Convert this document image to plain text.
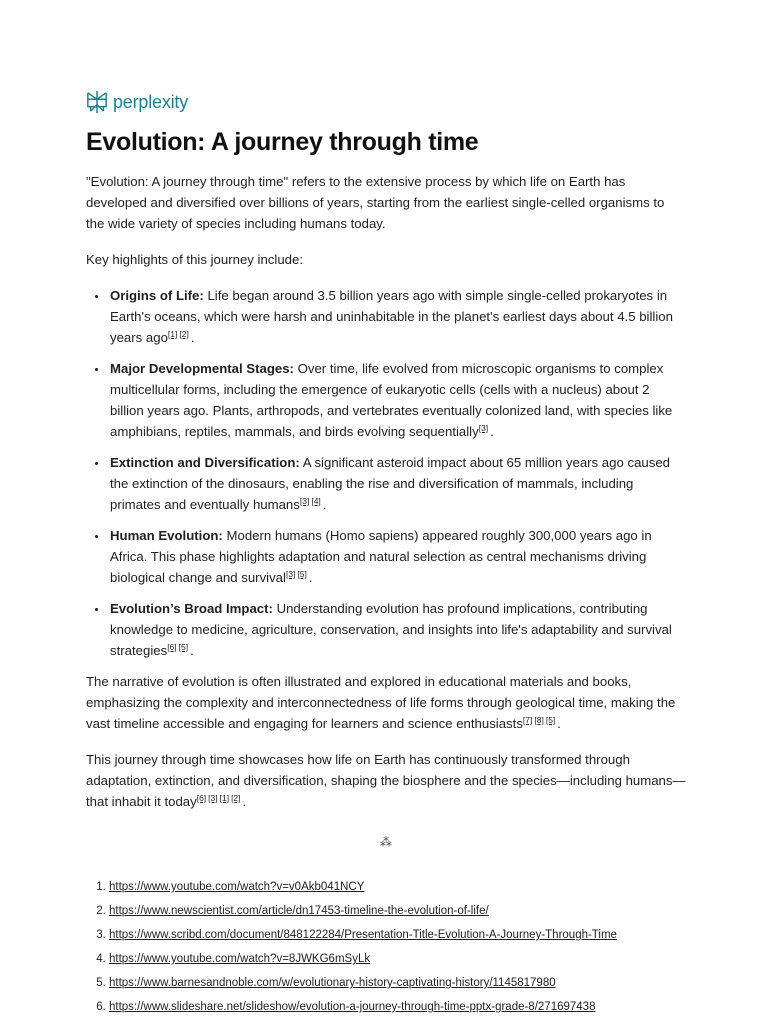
perplexity
Evolution: A journey through time

"Evolution: A journey through time" refers to the extensive process by which life on Earth has developed and diversified over billions of years, starting from the earliest single-celled organisms to the wide variety of species including humans today.

Key highlights of this journey include:

• Origins of Life: Life began around 3.5 billion years ago with simple single-celled prokaryotes in Earth's oceans, which were harsh and uninhabitable in the planet's earliest days about 4.5 billion years ago[1] [2] .
• Major Developmental Stages: Over time, life evolved from microscopic organisms to complex multicellular forms, including the emergence of eukaryotic cells (cells with a nucleus) about 2 billion years ago. Plants, arthropods, and vertebrates eventually colonized land, with species like amphibians, reptiles, mammals, and birds evolving sequentially[3] .
• Extinction and Diversification: A significant asteroid impact about 65 million years ago caused the extinction of the dinosaurs, enabling the rise and diversification of mammals, including primates and eventually humans[3] [4] .
• Human Evolution: Modern humans (Homo sapiens) appeared roughly 300,000 years ago in Africa. This phase highlights adaptation and natural selection as central mechanisms driving biological change and survival[3] [5] .
• Evolution’s Broad Impact: Understanding evolution has profound implications, contributing knowledge to medicine, agriculture, conservation, and insights into life's adaptability and survival strategies[6] [5] .

The narrative of evolution is often illustrated and explored in educational materials and books, emphasizing the complexity and interconnectedness of life forms through geological time, making the vast timeline accessible and engaging for learners and science enthusiasts[7] [8] [5] .

This journey through time showcases how life on Earth has continuously transformed through adaptation, extinction, and diversification, shaping the biosphere and the species—including humans—that inhabit it today[6] [3] [1] [2] .

⁂
1. https://www.youtube.com/watch?v=v0Akb041NCY
2. https://www.newscientist.com/article/dn17453-timeline-the-evolution-of-life/
3. https://www.scribd.com/document/848122284/Presentation-Title-Evolution-A-Journey-Through-Time
4. https://www.youtube.com/watch?v=8JWKG6mSyLk
5. https://www.barnesandnoble.com/w/evolutionary-history-captivating-history/1145817980
6. https://www.slideshare.net/slideshow/evolution-a-journey-through-time-pptx-grade-8/271697438
